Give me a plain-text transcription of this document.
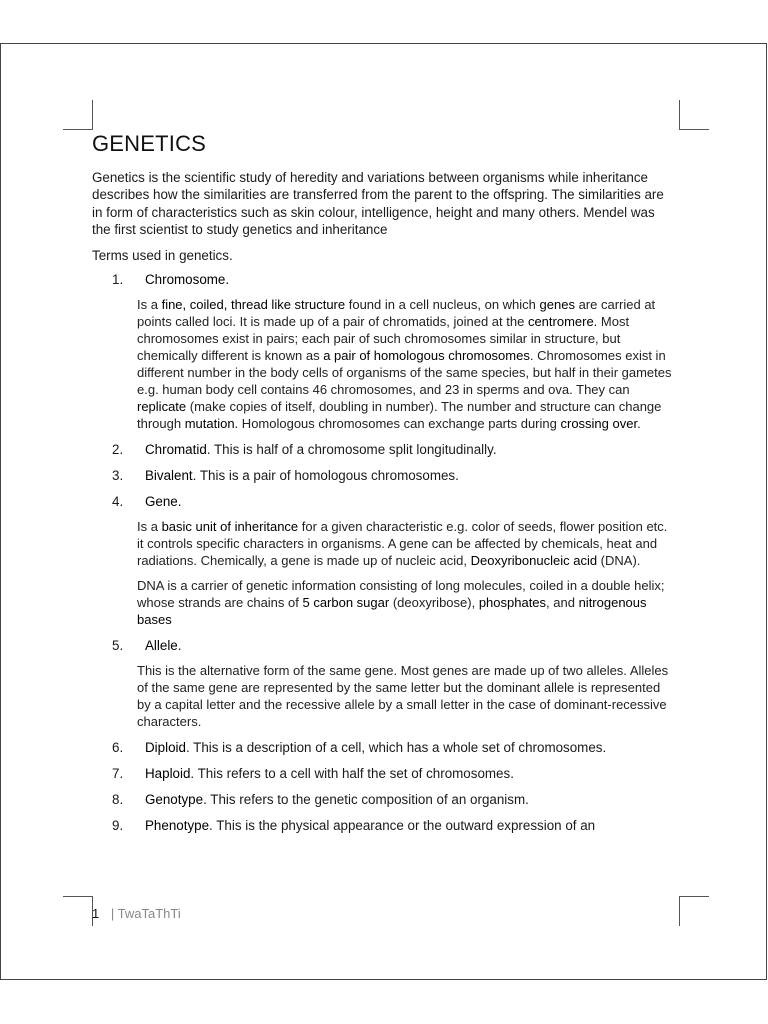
GENETICS

Genetics is the scientific study of heredity and variations between organisms while inheritance describes how the similarities are transferred from the parent to the offspring. The similarities are in form of characteristics such as skin colour, intelligence, height and many others. Mendel was the first scientist to study genetics and inheritance

Terms used in genetics.

1. Chromosome.

Is a fine, coiled, thread like structure found in a cell nucleus, on which genes are carried at points called loci. It is made up of a pair of chromatids, joined at the centromere. Most chromosomes exist in pairs; each pair of such chromosomes similar in structure, but chemically different is known as a pair of homologous chromosomes. Chromosomes exist in different number in the body cells of organisms of the same species, but half in their gametes e.g. human body cell contains 46 chromosomes, and 23 in sperms and ova. They can replicate (make copies of itself, doubling in number). The number and structure can change through mutation. Homologous chromosomes can exchange parts during crossing over.

2. Chromatid. This is half of a chromosome split longitudinally.
3. Bivalent. This is a pair of homologous chromosomes.
4. Gene.

Is a basic unit of inheritance for a given characteristic e.g. color of seeds, flower position etc. it controls specific characters in organisms. A gene can be affected by chemicals, heat and radiations. Chemically, a gene is made up of nucleic acid, Deoxyribonucleic acid (DNA).

DNA is a carrier of genetic information consisting of long molecules, coiled in a double helix; whose strands are chains of 5 carbon sugar (deoxyribose), phosphates, and nitrogenous bases

5. Allele.

This is the alternative form of the same gene. Most genes are made up of two alleles. Alleles of the same gene are represented by the same letter but the dominant allele is represented by a capital letter and the recessive allele by a small letter in the case of dominant-recessive characters.

6. Diploid. This is a description of a cell, which has a whole set of chromosomes.
7. Haploid. This refers to a cell with half the set of chromosomes.
8. Genotype. This refers to the genetic composition of an organism.
9. Phenotype. This is the physical appearance or the outward expression of an
1 | TwaTaThTi
